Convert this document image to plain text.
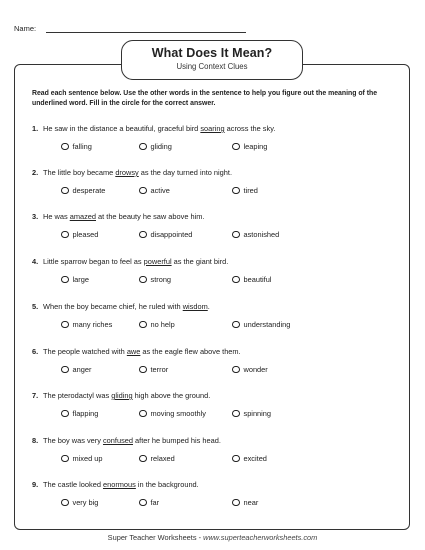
Name:
What Does It Mean?
Using Context Clues
Read each sentence below. Use the other words in the sentence to help you figure out the meaning of the underlined word. Fill in the circle for the correct answer.
1. He saw in the distance a beautiful, graceful bird soaring across the sky.
falling	gliding	leaping
2. The little boy became drowsy as the day turned into night.
desperate	active	tired
3. He was amazed at the beauty he saw above him.
pleased	disappointed	astonished
4. Little sparrow began to feel as powerful as the giant bird.
large	strong	beautiful
5. When the boy became chief, he ruled with wisdom.
many riches	no help	understanding
6. The people watched with awe as the eagle flew above them.
anger	terror	wonder
7. The pterodactyl was gliding high above the ground.
flapping	moving smoothly	spinning
8. The boy was very confused after he bumped his head.
mixed up	relaxed	excited
9. The castle looked enormous in the background.
very big	far	near
Super Teacher Worksheets - www.superteacherworksheets.com
